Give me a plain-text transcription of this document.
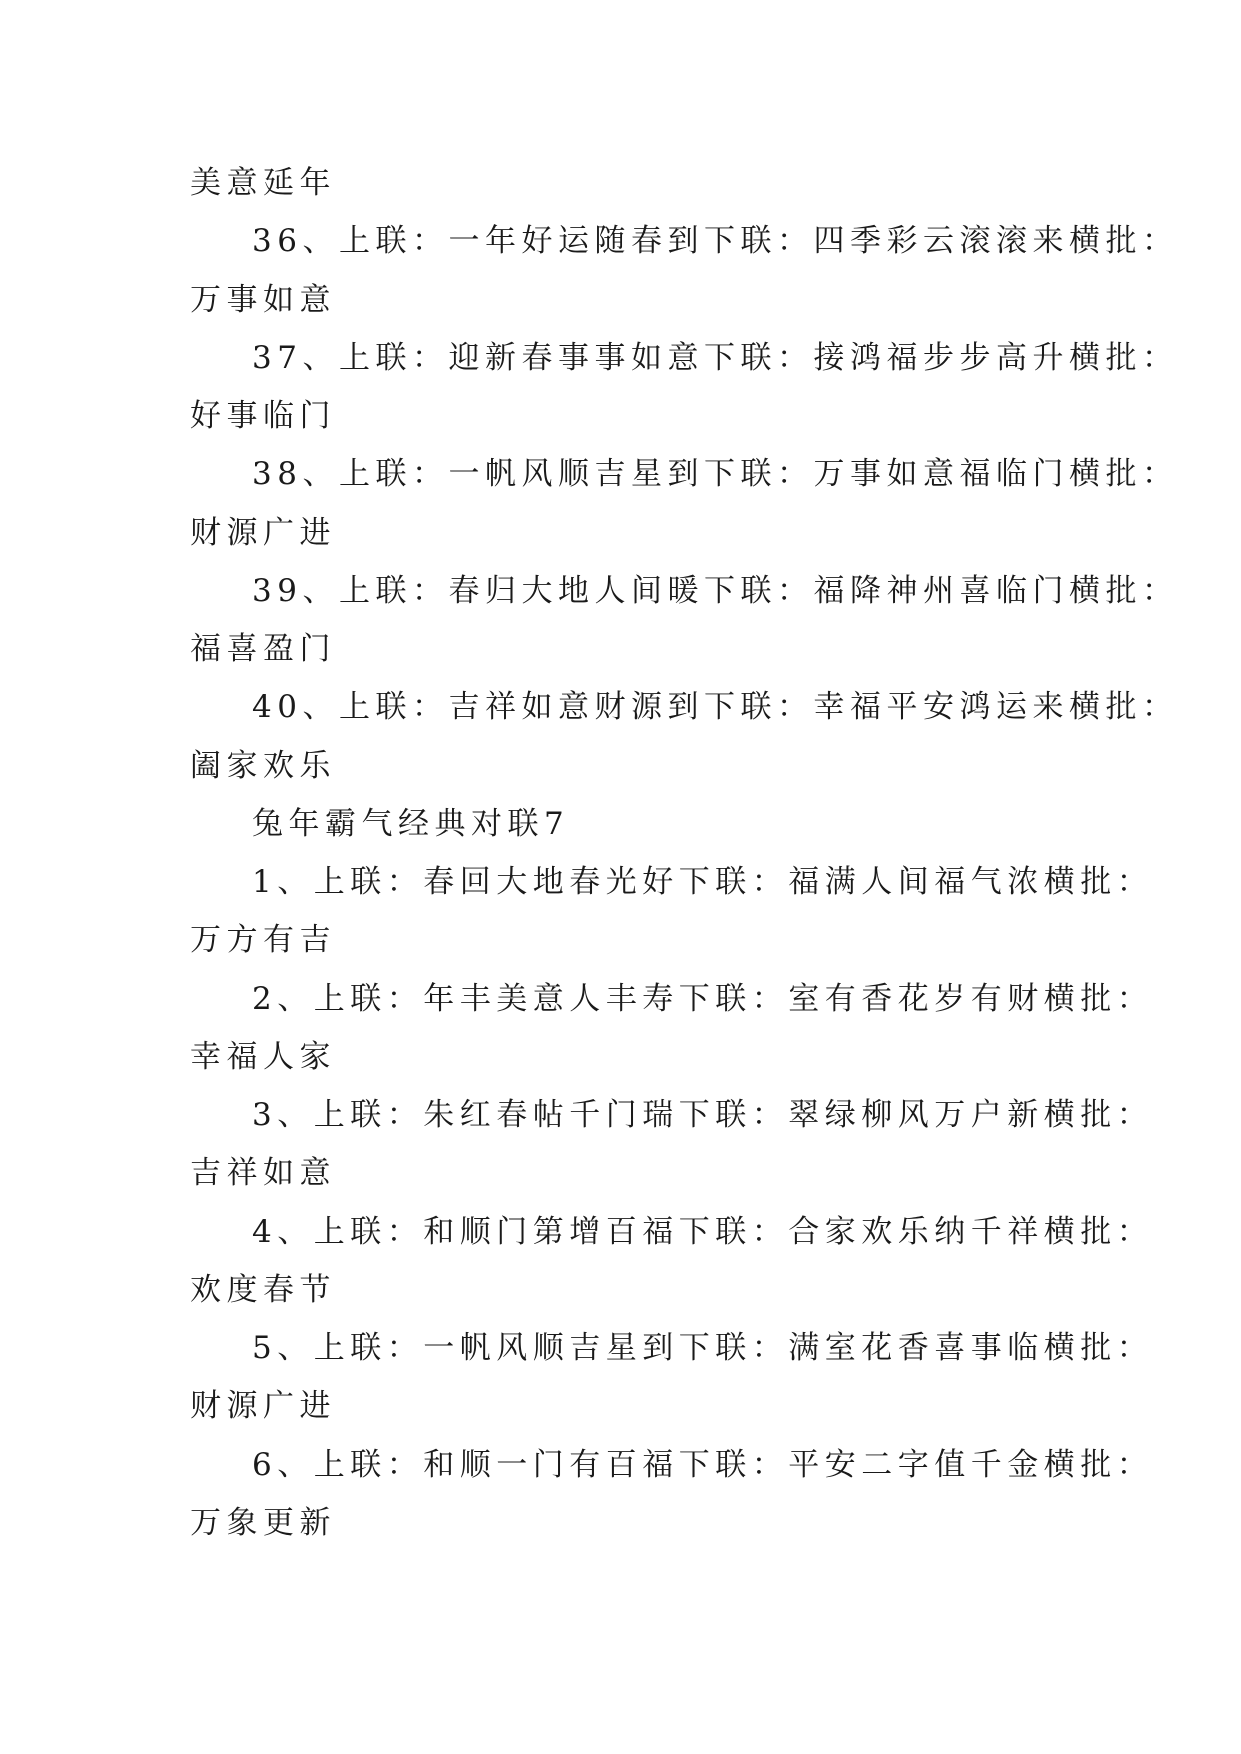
美意延年
36、上联：一年好运随春到下联：四季彩云滚滚来横批：
万事如意
37、上联：迎新春事事如意下联：接鸿福步步高升横批：
好事临门
38、上联：一帆风顺吉星到下联：万事如意福临门横批：
财源广进
39、上联：春归大地人间暖下联：福降神州喜临门横批：
福喜盈门
40、上联：吉祥如意财源到下联：幸福平安鸿运来横批：
阖家欢乐
兔年霸气经典对联7
1、上联：春回大地春光好下联：福满人间福气浓横批：
万方有吉
2、上联：年丰美意人丰寿下联：室有香花岁有财横批：
幸福人家
3、上联：朱红春帖千门瑞下联：翠绿柳风万户新横批：
吉祥如意
4、上联：和顺门第增百福下联：合家欢乐纳千祥横批：
欢度春节
5、上联：一帆风顺吉星到下联：满室花香喜事临横批：
财源广进
6、上联：和顺一门有百福下联：平安二字值千金横批：
万象更新
